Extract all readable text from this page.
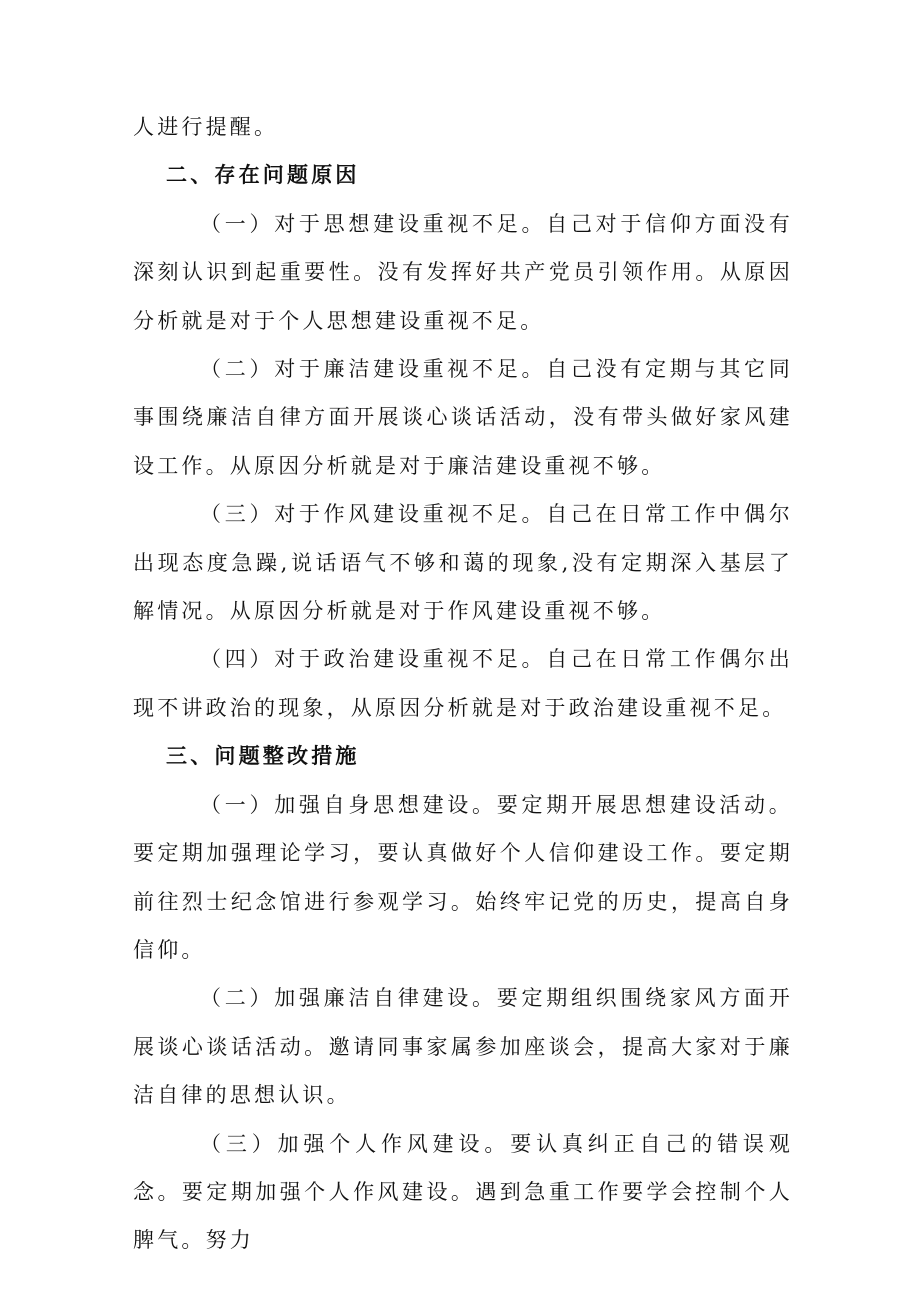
人进行提醒。

二、存在问题原因

（一）对于思想建设重视不足。自己对于信仰方面没有深刻认识到起重要性。没有发挥好共产党员引领作用。从原因分析就是对于个人思想建设重视不足。

（二）对于廉洁建设重视不足。自己没有定期与其它同事围绕廉洁自律方面开展谈心谈话活动，没有带头做好家风建设工作。从原因分析就是对于廉洁建设重视不够。

（三）对于作风建设重视不足。自己在日常工作中偶尔出现态度急躁,说话语气不够和蔼的现象,没有定期深入基层了解情况。从原因分析就是对于作风建设重视不够。

（四）对于政治建设重视不足。自己在日常工作偶尔出现不讲政治的现象，从原因分析就是对于政治建设重视不足。

三、问题整改措施

（一）加强自身思想建设。要定期开展思想建设活动。要定期加强理论学习，要认真做好个人信仰建设工作。要定期前往烈士纪念馆进行参观学习。始终牢记党的历史，提高自身信仰。

（二）加强廉洁自律建设。要定期组织围绕家风方面开展谈心谈话活动。邀请同事家属参加座谈会，提高大家对于廉洁自律的思想认识。

（三）加强个人作风建设。要认真纠正自己的错误观念。要定期加强个人作风建设。遇到急重工作要学会控制个人脾气。努力
